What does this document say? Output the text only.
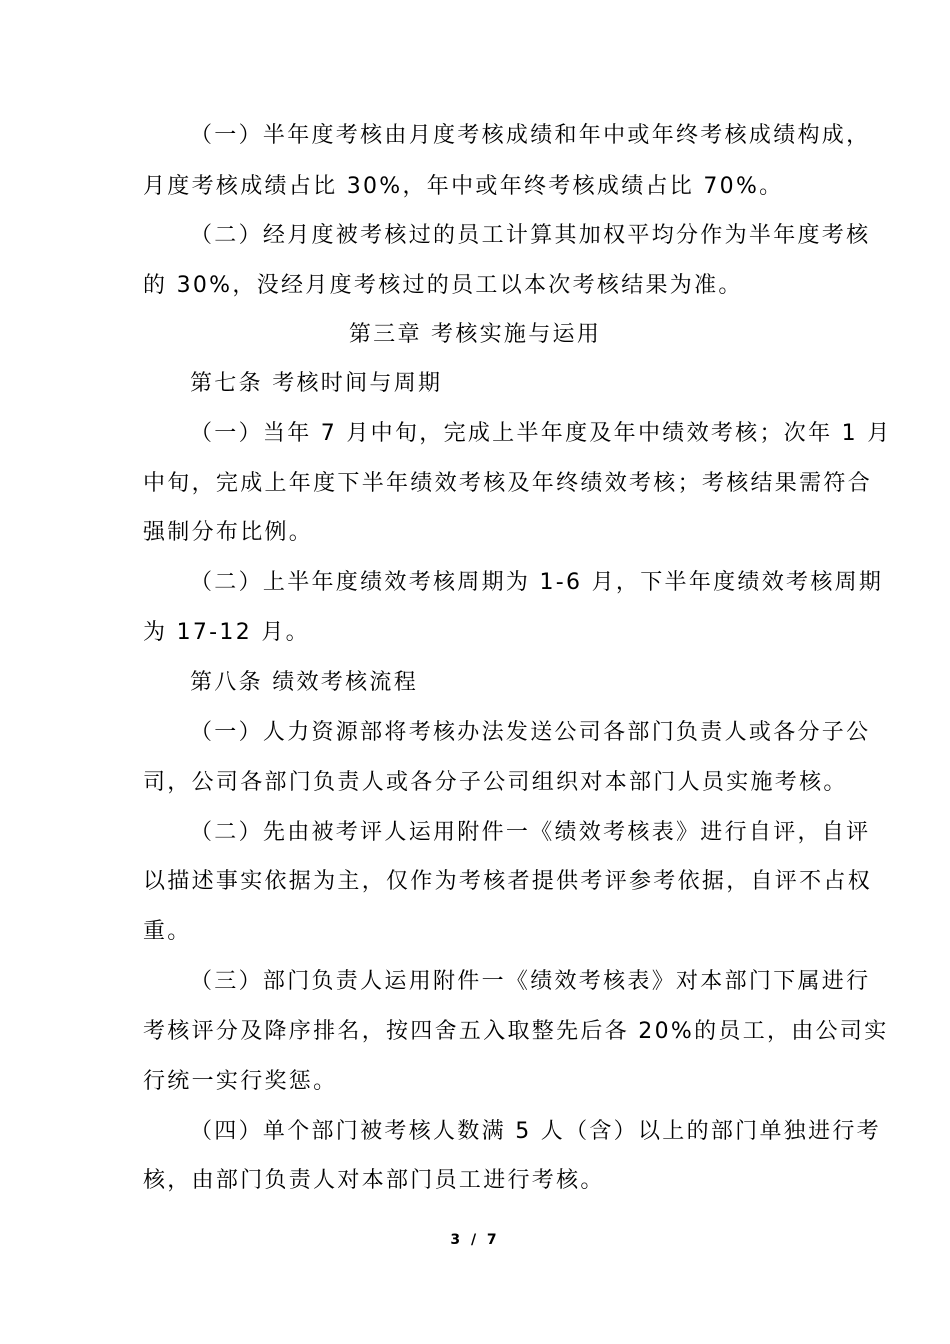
（一）半年度考核由月度考核成绩和年中或年终考核成绩构成，
月度考核成绩占比 30%，年中或年终考核成绩占比 70%。
（二）经月度被考核过的员工计算其加权平均分作为半年度考核
的 30%，没经月度考核过的员工以本次考核结果为准。
第三章 考核实施与运用
第七条 考核时间与周期
（一）当年 7 月中旬，完成上半年度及年中绩效考核；次年 1 月
中旬，完成上年度下半年绩效考核及年终绩效考核；考核结果需符合
强制分布比例。
（二）上半年度绩效考核周期为 1-6 月，下半年度绩效考核周期
为 17-12 月。
第八条 绩效考核流程
（一）人力资源部将考核办法发送公司各部门负责人或各分子公
司，公司各部门负责人或各分子公司组织对本部门人员实施考核。
（二）先由被考评人运用附件一《绩效考核表》进行自评，自评
以描述事实依据为主，仅作为考核者提供考评参考依据，自评不占权
重。
（三）部门负责人运用附件一《绩效考核表》对本部门下属进行
考核评分及降序排名，按四舍五入取整先后各 20%的员工，由公司实
行统一实行奖惩。
（四）单个部门被考核人数满 5 人（含）以上的部门单独进行考
核，由部门负责人对本部门员工进行考核。
3 / 7
